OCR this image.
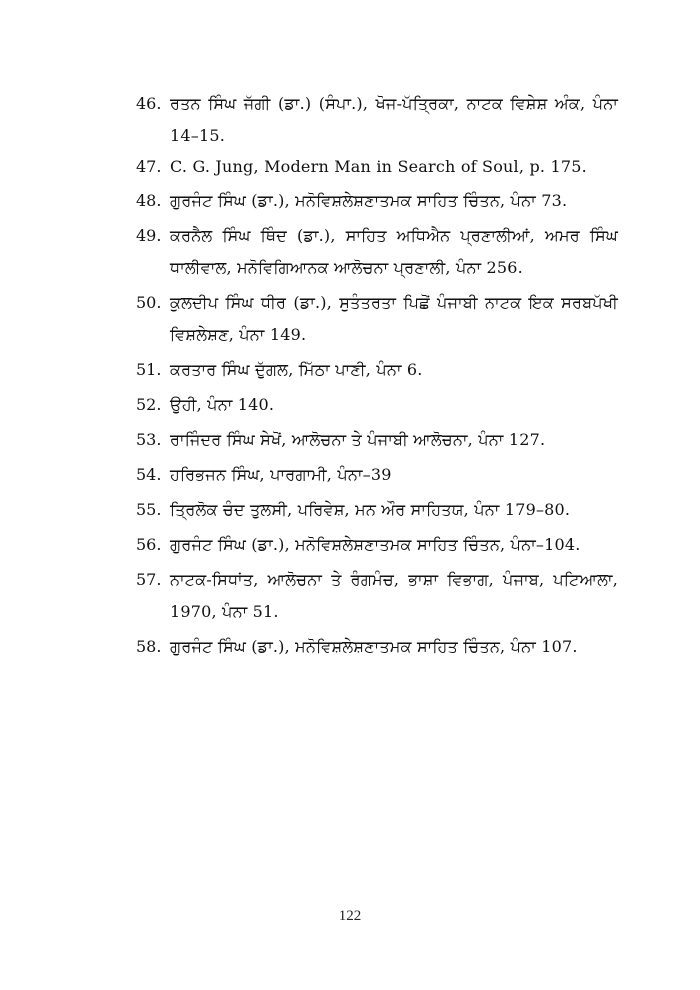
46. ਰਤਨ ਸਿੰਘ ਜੱਗੀ (ਡਾ.) (ਸੰਪਾ.), ਖੋਜ-ਪੱਤ੍ਰਿਕਾ, ਨਾਟਕ ਵਿਸ਼ੇਸ਼ ਅੰਕ, ਪੰਨਾ 14–15.
47. C. G. Jung, Modern Man in Search of Soul, p. 175.
48. ਗੁਰਜੰਟ ਸਿੰਘ (ਡਾ.), ਮਨੋਵਿਸ਼ਲੇਸ਼ਣਾਤਮਕ ਸਾਹਿਤ ਚਿੰਤਨ, ਪੰਨਾ 73.
49. ਕਰਨੈਲ ਸਿੰਘ ਥਿੰਦ (ਡਾ.), ਸਾਹਿਤ ਅਧਿਐਨ ਪ੍ਰਣਾਲੀਆਂ, ਅਮਰ ਸਿੰਘ ਧਾਲੀਵਾਲ, ਮਨੋਵਿਗਿਆਨਕ ਆਲੋਚਨਾ ਪ੍ਰਣਾਲੀ, ਪੰਨਾ 256.
50. ਕੁਲਦੀਪ ਸਿੰਘ ਧੀਰ (ਡਾ.), ਸੁਤੰਤਰਤਾ ਪਿਛੋਂ ਪੰਜਾਬੀ ਨਾਟਕ ਇਕ ਸਰਬਪੱਖੀ ਵਿਸ਼ਲੇਸ਼ਣ, ਪੰਨਾ 149.
51. ਕਰਤਾਰ ਸਿੰਘ ਦੁੱਗਲ, ਮਿੱਠਾ ਪਾਣੀ, ਪੰਨਾ 6.
52. ਉਹੀ, ਪੰਨਾ 140.
53. ਰਾਜਿੰਦਰ ਸਿੰਘ ਸੇਖੋਂ, ਆਲੋਚਨਾ ਤੇ ਪੰਜਾਬੀ ਆਲੋਚਨਾ, ਪੰਨਾ 127.
54. ਹਰਿਭਜਨ ਸਿੰਘ, ਪਾਰਗਾਮੀ, ਪੰਨਾ–39
55. ਤ੍ਰਿਲੋਕ ਚੰਦ ਤੁਲਸੀ, ਪਰਿਵੇਸ਼, ਮਨ ਔਰ ਸਾਹਿਤਯ, ਪੰਨਾ 179–80.
56. ਗੁਰਜੰਟ ਸਿੰਘ (ਡਾ.), ਮਨੋਵਿਸ਼ਲੇਸ਼ਣਾਤਮਕ ਸਾਹਿਤ ਚਿੰਤਨ, ਪੰਨਾ–104.
57. ਨਾਟਕ-ਸਿਧਾਂਤ, ਆਲੋਚਨਾ ਤੇ ਰੰਗਮੰਚ, ਭਾਸ਼ਾ ਵਿਭਾਗ, ਪੰਜਾਬ, ਪਟਿਆਲਾ, 1970, ਪੰਨਾ 51.
58. ਗੁਰਜੰਟ ਸਿੰਘ (ਡਾ.), ਮਨੋਵਿਸ਼ਲੇਸ਼ਣਾਤਮਕ ਸਾਹਿਤ ਚਿੰਤਨ, ਪੰਨਾ 107.
122
